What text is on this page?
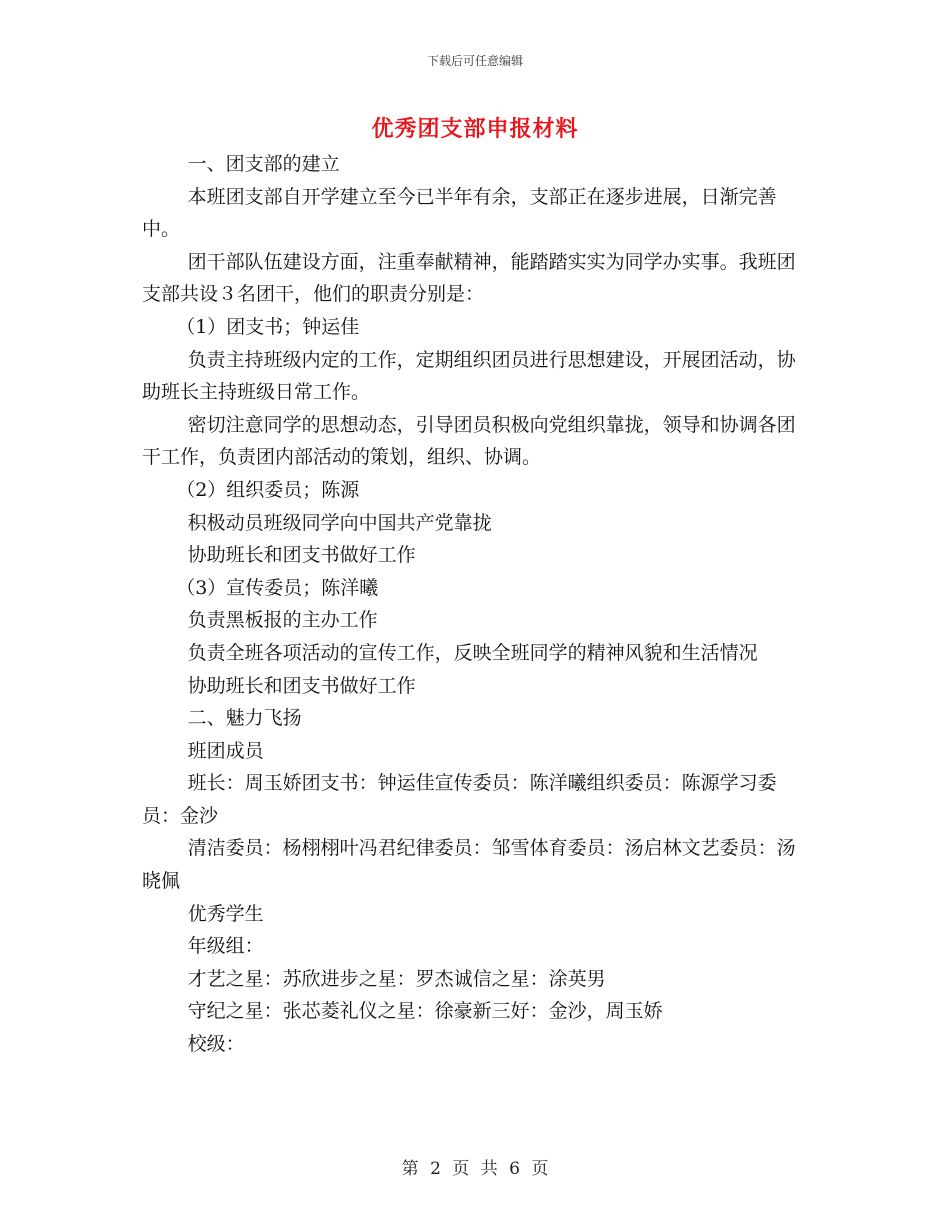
下载后可任意编辑
优秀团支部申报材料

一、团支部的建立

本班团支部自开学建立至今已半年有余，支部正在逐步进展，日渐完善中。

团干部队伍建设方面，注重奉献精神，能踏踏实实为同学办实事。我班团支部共设３名团干，他们的职责分别是：

（1）团支书；钟运佳

负责主持班级内定的工作，定期组织团员进行思想建设，开展团活动，协助班长主持班级日常工作。

密切注意同学的思想动态，引导团员积极向党组织靠拢，领导和协调各团干工作，负责团内部活动的策划，组织、协调。

（2）组织委员；陈源

积极动员班级同学向中国共产党靠拢

协助班长和团支书做好工作

（3）宣传委员；陈洋曦

负责黑板报的主办工作

负责全班各项活动的宣传工作，反映全班同学的精神风貌和生活情况

协助班长和团支书做好工作

二、魅力飞扬

班团成员

班长：周玉娇团支书：钟运佳宣传委员：陈洋曦组织委员：陈源学习委员：金沙

清洁委员：杨栩栩叶冯君纪律委员：邹雪体育委员：汤启林文艺委员：汤晓佩

优秀学生

年级组：

才艺之星：苏欣进步之星：罗杰诚信之星：涂英男

守纪之星：张芯菱礼仪之星：徐豪新三好：金沙，周玉娇

校级：

第 2 页 共 6 页
